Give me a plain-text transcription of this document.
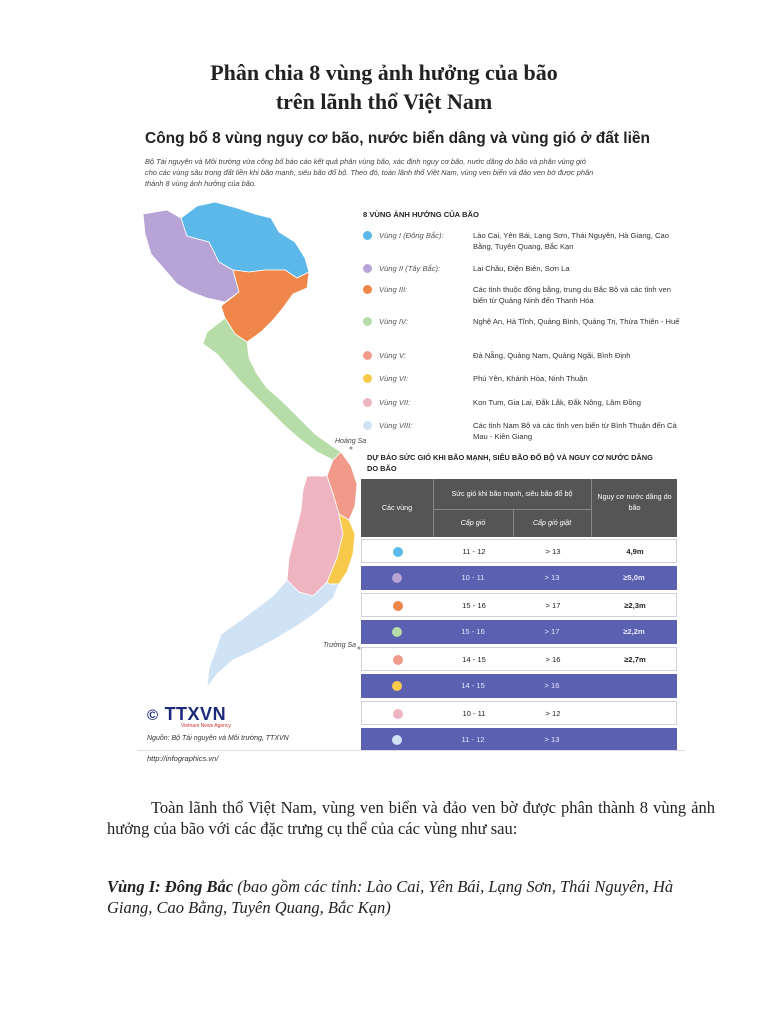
Phân chia 8 vùng ảnh hưởng của bão
trên lãnh thổ Việt Nam
Công bố 8 vùng nguy cơ bão, nước biển dâng và vùng gió ở đất liền
Bộ Tài nguyên và Môi trường vừa công bố báo cáo kết quả phân vùng bão, xác định nguy cơ bão, nước dâng do bão và phân vùng gió cho các vùng sâu trong đất liền khi bão mạnh, siêu bão đổ bộ. Theo đó, toàn lãnh thổ Việt Nam, vùng ven biển và đảo ven bờ được phân thành 8 vùng ảnh hưởng của bão.
Hoàng Sa
Trường Sa
8 VÙNG ẢNH HƯỞNG CỦA BÃO
Vùng I (Đông Bắc):	Lào Cai, Yên Bái, Lạng Sơn, Thái Nguyên, Hà Giang, Cao Bằng, Tuyên Quang, Bắc Kạn
Vùng II (Tây Bắc):	Lai Châu, Điện Biên, Sơn La
Vùng III:	Các tỉnh thuộc đồng bằng, trung du Bắc Bộ và các tỉnh ven biển từ Quảng Ninh đến Thanh Hóa
Vùng IV:	Nghệ An, Hà Tĩnh, Quảng Bình, Quảng Trị, Thừa Thiên - Huế
Vùng V:	Đà Nẵng, Quảng Nam, Quảng Ngãi, Bình Định
Vùng VI:	Phú Yên, Khánh Hòa, Ninh Thuận
Vùng VII:	Kon Tum, Gia Lai, Đắk Lắk, Đắk Nông, Lâm Đồng
Vùng VIII:	Các tỉnh Nam Bộ và các tỉnh ven biển từ Bình Thuận đến Cà Mau - Kiên Giang
DỰ BÁO SỨC GIÓ KHI BÃO MẠNH, SIÊU BÃO ĐỔ BỘ VÀ NGUY CƠ NƯỚC DÂNG DO BÃO
Các vùng
Sức gió khi bão mạnh, siêu bão đổ bộ
Cấp gió	Cấp gió giật
Nguy cơ nước dâng do bão
11 - 12	> 13	4,9m
10 - 11	> 13	≥5,0m
15 - 16	> 17	≥2,3m
15 - 16	> 17	≥2,2m
14 - 15	> 16	≥2,7m
14 - 15	> 16
10 - 11	> 12
11 - 12	> 13
© TTXVN
Vietnam News Agency
Nguồn: Bộ Tài nguyên và Môi trường, TTXVN
http://infographics.vn/
Toàn lãnh thổ Việt Nam, vùng ven biển và đảo ven bờ được phân thành 8 vùng ảnh hưởng của bão với các đặc trưng cụ thể của các vùng như sau:
Vùng I: Đông Bắc (bao gồm các tỉnh: Lào Cai, Yên Bái, Lạng Sơn, Thái Nguyên, Hà Giang, Cao Bằng, Tuyên Quang, Bắc Kạn)
